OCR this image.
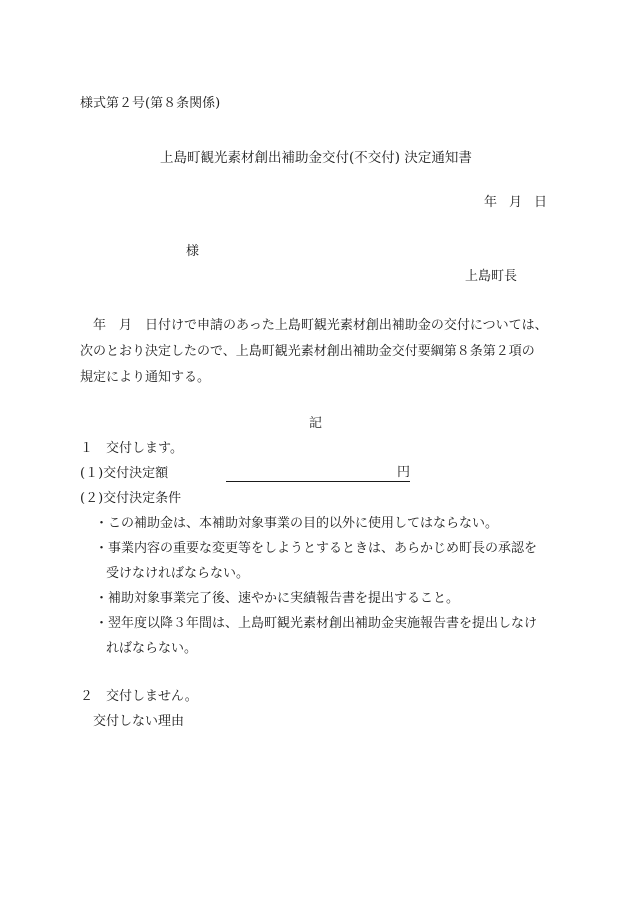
様式第２号(第８条関係)
上島町観光素材創出補助金交付(不交付) 決定通知書
年 月 日
様
上島町長
　年　月　日付けで申請のあった上島町観光素材創出補助金の交付については、
次のとおり決定したので、上島町観光素材創出補助金交付要綱第８条第２項の
規定により通知する。
記
１　交付します。
(１)交付決定額	円
(２)交付決定条件
・この補助金は、本補助対象事業の目的以外に使用してはならない。
・事業内容の重要な変更等をしようとするときは、あらかじめ町長の承認を
受けなければならない。
・補助対象事業完了後、速やかに実績報告書を提出すること。
・翌年度以降３年間は、上島町観光素材創出補助金実施報告書を提出しなけ
ればならない。
２　交付しません。
交付しない理由
